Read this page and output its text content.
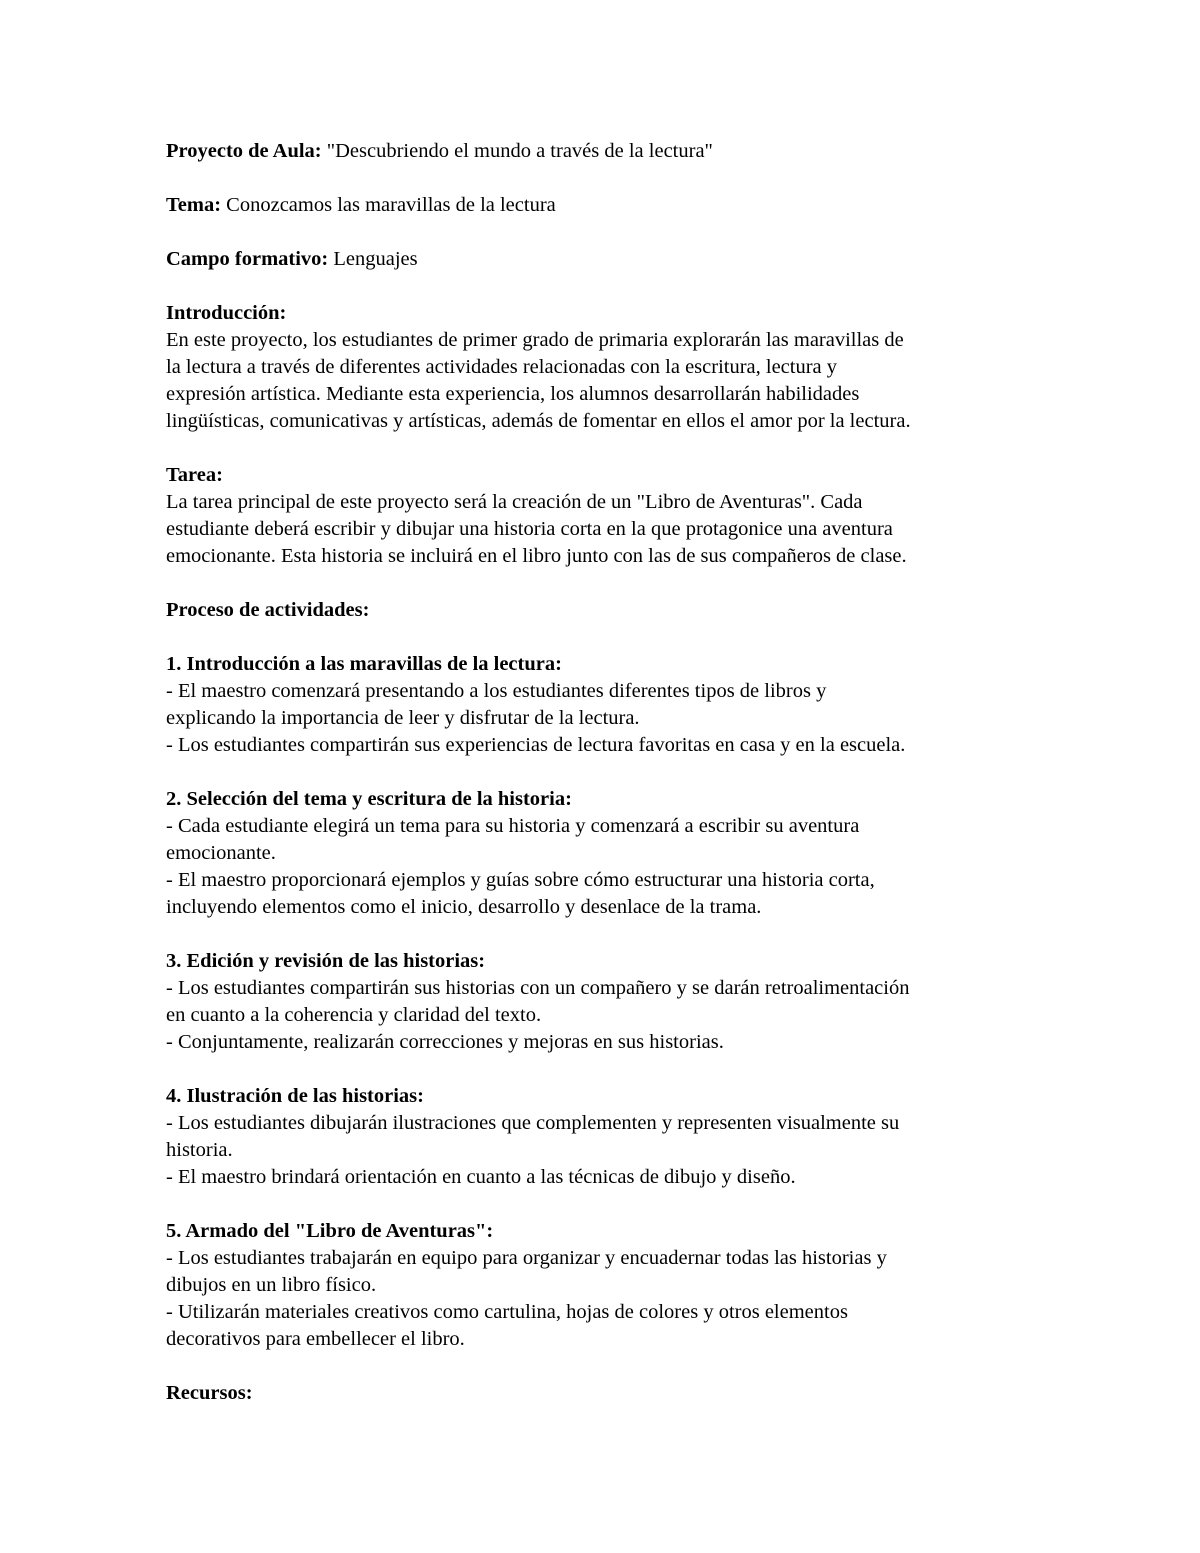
Proyecto de Aula: "Descubriendo el mundo a través de la lectura"

Tema: Conozcamos las maravillas de la lectura

Campo formativo: Lenguajes

Introducción:
En este proyecto, los estudiantes de primer grado de primaria explorarán las maravillas de
la lectura a través de diferentes actividades relacionadas con la escritura, lectura y
expresión artística. Mediante esta experiencia, los alumnos desarrollarán habilidades
lingüísticas, comunicativas y artísticas, además de fomentar en ellos el amor por la lectura.
Tarea:
La tarea principal de este proyecto será la creación de un "Libro de Aventuras". Cada
estudiante deberá escribir y dibujar una historia corta en la que protagonice una aventura
emocionante. Esta historia se incluirá en el libro junto con las de sus compañeros de clase.

Proceso de actividades:

1. Introducción a las maravillas de la lectura:
- El maestro comenzará presentando a los estudiantes diferentes tipos de libros y
explicando la importancia de leer y disfrutar de la lectura.
- Los estudiantes compartirán sus experiencias de lectura favoritas en casa y en la escuela.
2. Selección del tema y escritura de la historia:
- Cada estudiante elegirá un tema para su historia y comenzará a escribir su aventura
emocionante.
- El maestro proporcionará ejemplos y guías sobre cómo estructurar una historia corta,
incluyendo elementos como el inicio, desarrollo y desenlace de la trama.
3. Edición y revisión de las historias:
- Los estudiantes compartirán sus historias con un compañero y se darán retroalimentación
en cuanto a la coherencia y claridad del texto.
- Conjuntamente, realizarán correcciones y mejoras en sus historias.
4. Ilustración de las historias:
- Los estudiantes dibujarán ilustraciones que complementen y representen visualmente su
historia.
- El maestro brindará orientación en cuanto a las técnicas de dibujo y diseño.
5. Armado del "Libro de Aventuras":
- Los estudiantes trabajarán en equipo para organizar y encuadernar todas las historias y
dibujos en un libro físico.
- Utilizarán materiales creativos como cartulina, hojas de colores y otros elementos
decorativos para embellecer el libro.

Recursos:
